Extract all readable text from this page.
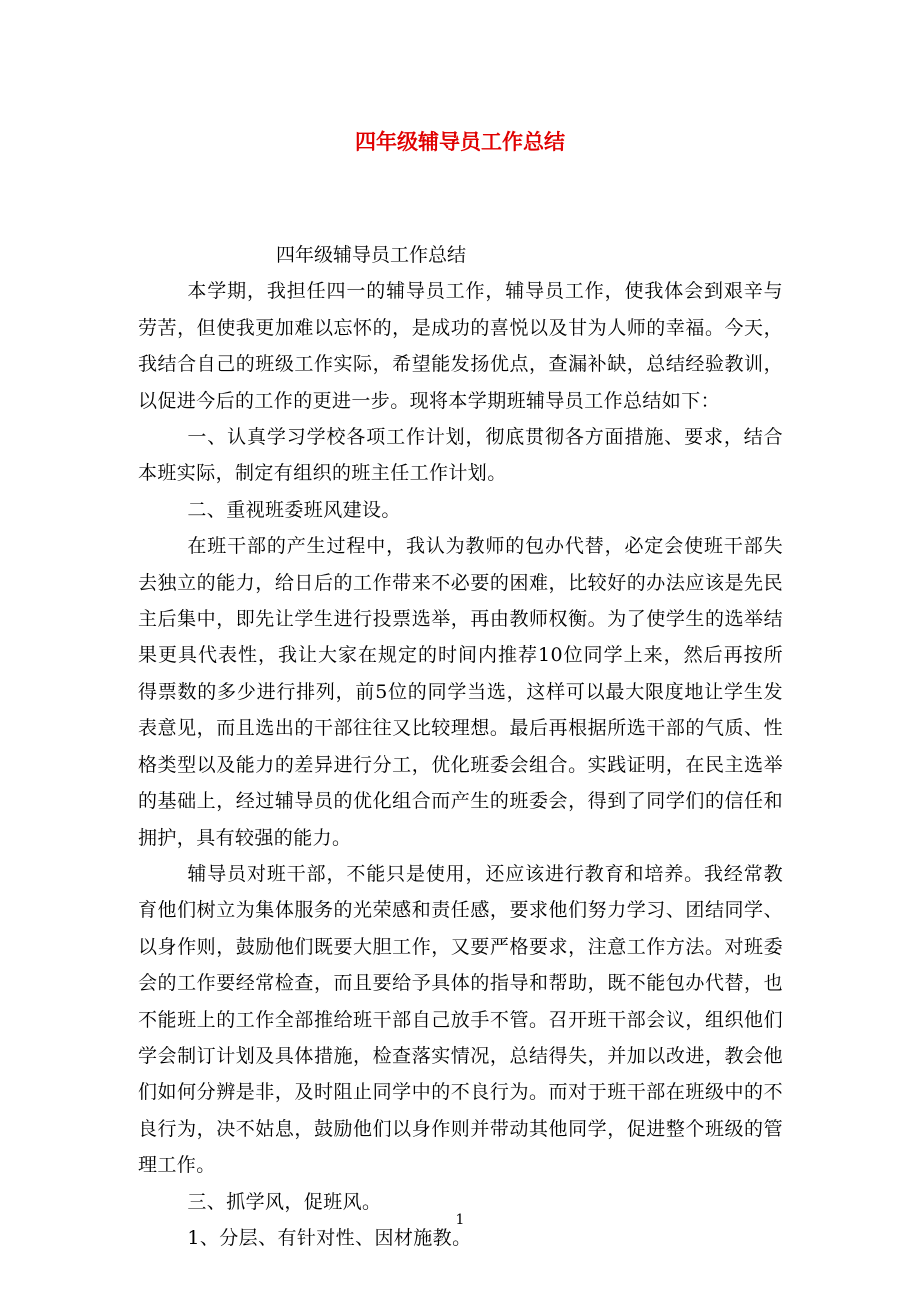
四年级辅导员工作总结

四年级辅导员工作总结

本学期，我担任四一的辅导员工作，辅导员工作，使我体会到艰辛与劳苦，但使我更加难以忘怀的，是成功的喜悦以及甘为人师的幸福。今天，我结合自己的班级工作实际，希望能发扬优点，查漏补缺，总结经验教训，以促进今后的工作的更进一步。现将本学期班辅导员工作总结如下：

一、认真学习学校各项工作计划，彻底贯彻各方面措施、要求，结合本班实际，制定有组织的班主任工作计划。

二、重视班委班风建设。

在班干部的产生过程中，我认为教师的包办代替，必定会使班干部失去独立的能力，给日后的工作带来不必要的困难，比较好的办法应该是先民主后集中，即先让学生进行投票选举，再由教师权衡。为了使学生的选举结果更具代表性，我让大家在规定的时间内推荐10位同学上来，然后再按所得票数的多少进行排列，前5位的同学当选，这样可以最大限度地让学生发表意见，而且选出的干部往往又比较理想。最后再根据所选干部的气质、性格类型以及能力的差异进行分工，优化班委会组合。实践证明，在民主选举的基础上，经过辅导员的优化组合而产生的班委会，得到了同学们的信任和拥护，具有较强的能力。

辅导员对班干部，不能只是使用，还应该进行教育和培养。我经常教育他们树立为集体服务的光荣感和责任感，要求他们努力学习、团结同学、以身作则，鼓励他们既要大胆工作，又要严格要求，注意工作方法。对班委会的工作要经常检查，而且要给予具体的指导和帮助，既不能包办代替，也不能班上的工作全部推给班干部自己放手不管。召开班干部会议，组织他们学会制订计划及具体措施，检查落实情况，总结得失，并加以改进，教会他们如何分辨是非，及时阻止同学中的不良行为。而对于班干部在班级中的不良行为，决不姑息，鼓励他们以身作则并带动其他同学，促进整个班级的管理工作。

三、抓学风，促班风。

1、分层、有针对性、因材施教。

1
